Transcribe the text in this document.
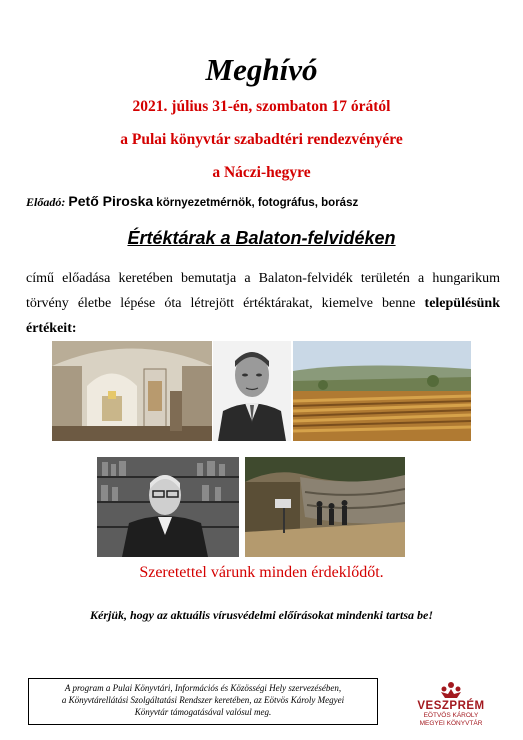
Meghívó
2021. július 31-én, szombaton 17 órától
a Pulai könyvtár szabadtéri rendezvényére
a Náczi-hegyre
Előadó: Pető Piroska környezetmérnök, fotográfus, borász
Értéktárak a Balaton-felvidéken
című előadása keretében bemutatja a Balaton-felvidék területén a hungarikum törvény életbe lépése óta létrejött értéktárakat, kiemelve benne településünk értékeit:
Szeretettel várunk minden érdeklődőt.
Kérjük, hogy az aktuális vírusvédelmi előírásokat mindenki tartsa be!
A program a Pulai Könyvtári, Információs és Közösségi Hely szervezésében,
a Könyvtárellátási Szolgáltatási Rendszer keretében, az Eötvös Károly Megyei
Könyvtár támogatásával valósul meg.	VESZPRÉM
EÖTVÖS KÁROLY
MEGYEI KÖNYVTÁR
